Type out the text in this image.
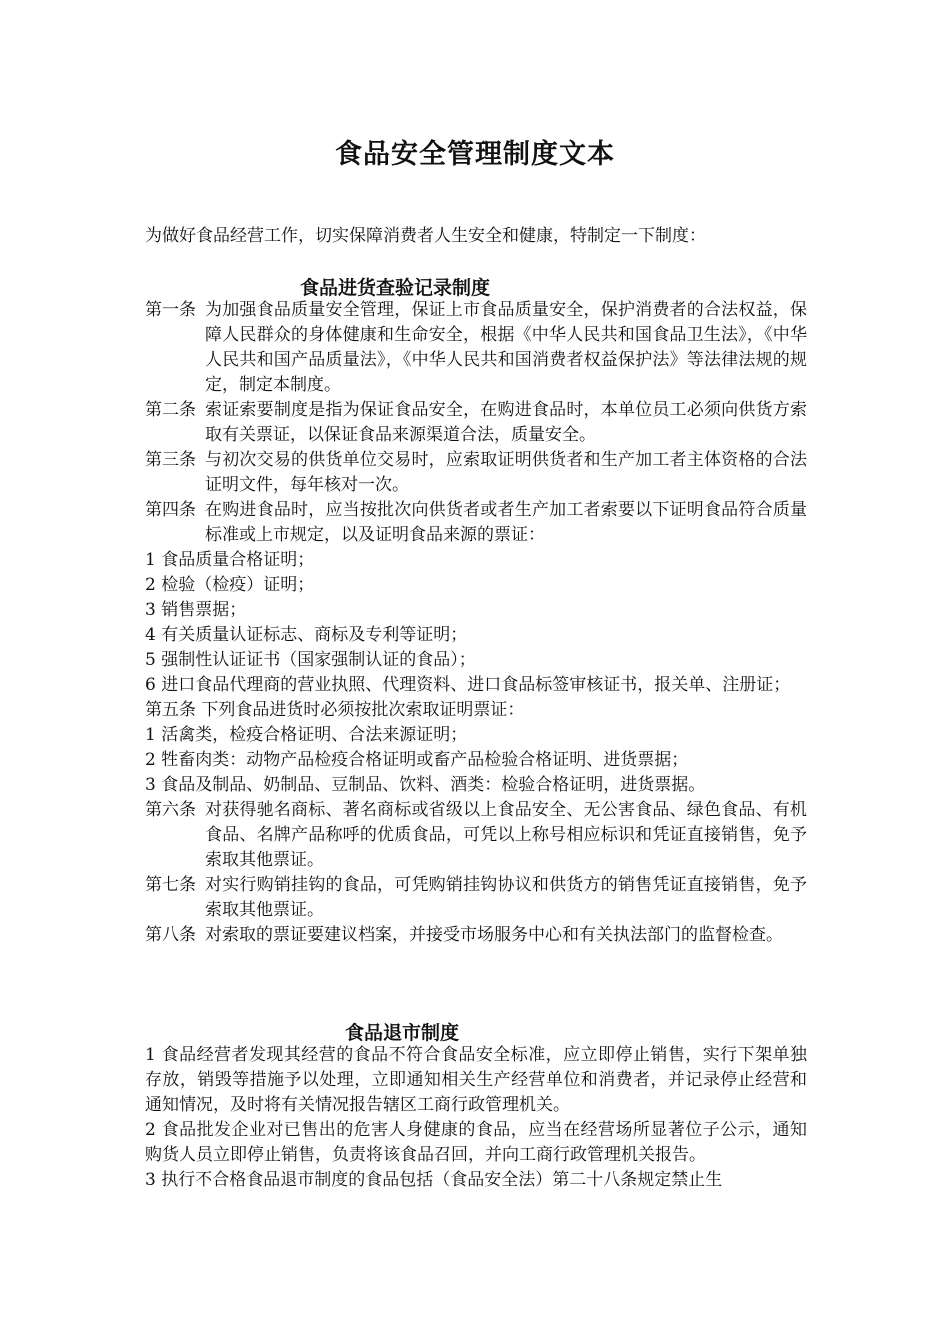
食品安全管理制度文本
为做好食品经营工作，切实保障消费者人生安全和健康，特制定一下制度：
食品进货查验记录制度
第一条 为加强食品质量安全管理，保证上市食品质量安全，保护消费者的合法权益，保障人民群众的身体健康和生命安全，根据《中华人民共和国食品卫生法》，《中华人民共和国产品质量法》，《中华人民共和国消费者权益保护法》等法律法规的规定，制定本制度。
第二条 索证索要制度是指为保证食品安全，在购进食品时，本单位员工必须向供货方索取有关票证，以保证食品来源渠道合法，质量安全。
第三条 与初次交易的供货单位交易时，应索取证明供货者和生产加工者主体资格的合法证明文件，每年核对一次。
第四条 在购进食品时，应当按批次向供货者或者生产加工者索要以下证明食品符合质量标准或上市规定，以及证明食品来源的票证：
1 食品质量合格证明；
2 检验（检疫）证明；
3 销售票据；
4 有关质量认证标志、商标及专利等证明；
5 强制性认证证书（国家强制认证的食品）；
6 进口食品代理商的营业执照、代理资料、进口食品标签审核证书，报关单、注册证；
第五条 下列食品进货时必须按批次索取证明票证：
1 活禽类，检疫合格证明、合法来源证明；
2 牲畜肉类：动物产品检疫合格证明或畜产品检验合格证明、进货票据；
3 食品及制品、奶制品、豆制品、饮料、酒类：检验合格证明，进货票据。
第六条 对获得驰名商标、著名商标或省级以上食品安全、无公害食品、绿色食品、有机食品、名牌产品称呼的优质食品，可凭以上称号相应标识和凭证直接销售，免予索取其他票证。
第七条 对实行购销挂钩的食品，可凭购销挂钩协议和供货方的销售凭证直接销售，免予索取其他票证。
第八条 对索取的票证要建议档案，并接受市场服务中心和有关执法部门的监督检查。
食品退市制度
1 食品经营者发现其经营的食品不符合食品安全标准，应立即停止销售，实行下架单独存放，销毁等措施予以处理，立即通知相关生产经营单位和消费者，并记录停止经营和通知情况，及时将有关情况报告辖区工商行政管理机关。
2 食品批发企业对已售出的危害人身健康的食品，应当在经营场所显著位子公示，通知购货人员立即停止销售，负责将该食品召回，并向工商行政管理机关报告。
3 执行不合格食品退市制度的食品包括（食品安全法）第二十八条规定禁止生
